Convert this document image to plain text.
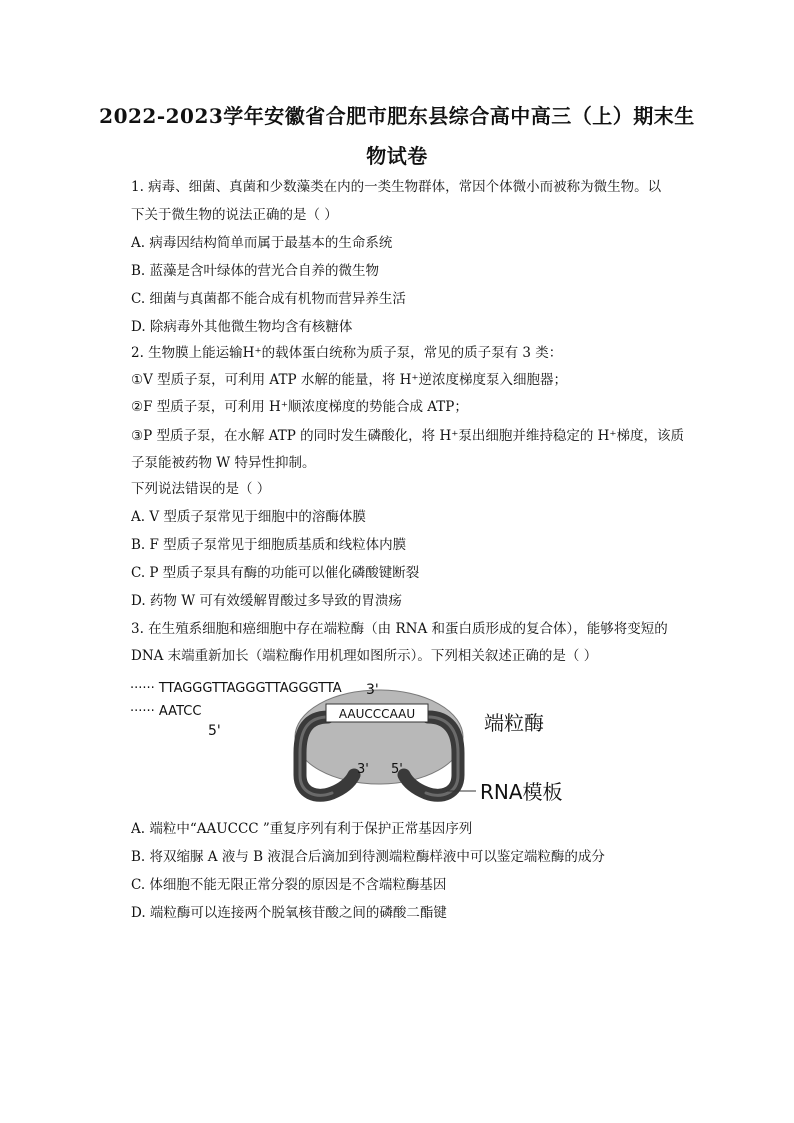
2022-2023学年安徽省合肥市肥东县综合高中高三（上）期末生
物试卷
1. 病毒、细菌、真菌和少数藻类在内的一类生物群体，常因个体微小而被称为微生物。以
下关于微生物的说法正确的是（ ）
A. 病毒因结构简单而属于最基本的生命系统
B. 蓝藻是含叶绿体的营光合自养的微生物
C. 细菌与真菌都不能合成有机物而营异养生活
D. 除病毒外其他微生物均含有核糖体
2. 生物膜上能运输H⁺的载体蛋白统称为质子泵，常见的质子泵有 3 类：
①V 型质子泵，可利用 ATP 水解的能量，将 H⁺逆浓度梯度泵入细胞器；
②F 型质子泵，可利用 H⁺顺浓度梯度的势能合成 ATP；
③P 型质子泵，在水解 ATP 的同时发生磷酸化，将 H⁺泵出细胞并维持稳定的 H⁺梯度，该质
子泵能被药物 W 特异性抑制。
下列说法错误的是（ ）
A. V 型质子泵常见于细胞中的溶酶体膜
B. F 型质子泵常见于细胞质基质和线粒体内膜
C. P 型质子泵具有酶的功能可以催化磷酸键断裂
D. 药物 W 可有效缓解胃酸过多导致的胃溃疡
3. 在生殖系细胞和癌细胞中存在端粒酶（由 RNA 和蛋白质形成的复合体），能够将变短的
DNA 末端重新加长（端粒酶作用机理如图所示）。下列相关叙述正确的是（ ）
AAUCCCAAU
······ TTAGGGTTAGGGTTAGGGTTA 3'
······ AATCC
5'
3' 5'
端粒酶
RNA模板
A. 端粒中“AAUCCC ”重复序列有利于保护正常基因序列
B. 将双缩脲 A 液与 B 液混合后滴加到待测端粒酶样液中可以鉴定端粒酶的成分
C. 体细胞不能无限正常分裂的原因是不含端粒酶基因
D. 端粒酶可以连接两个脱氧核苷酸之间的磷酸二酯键
